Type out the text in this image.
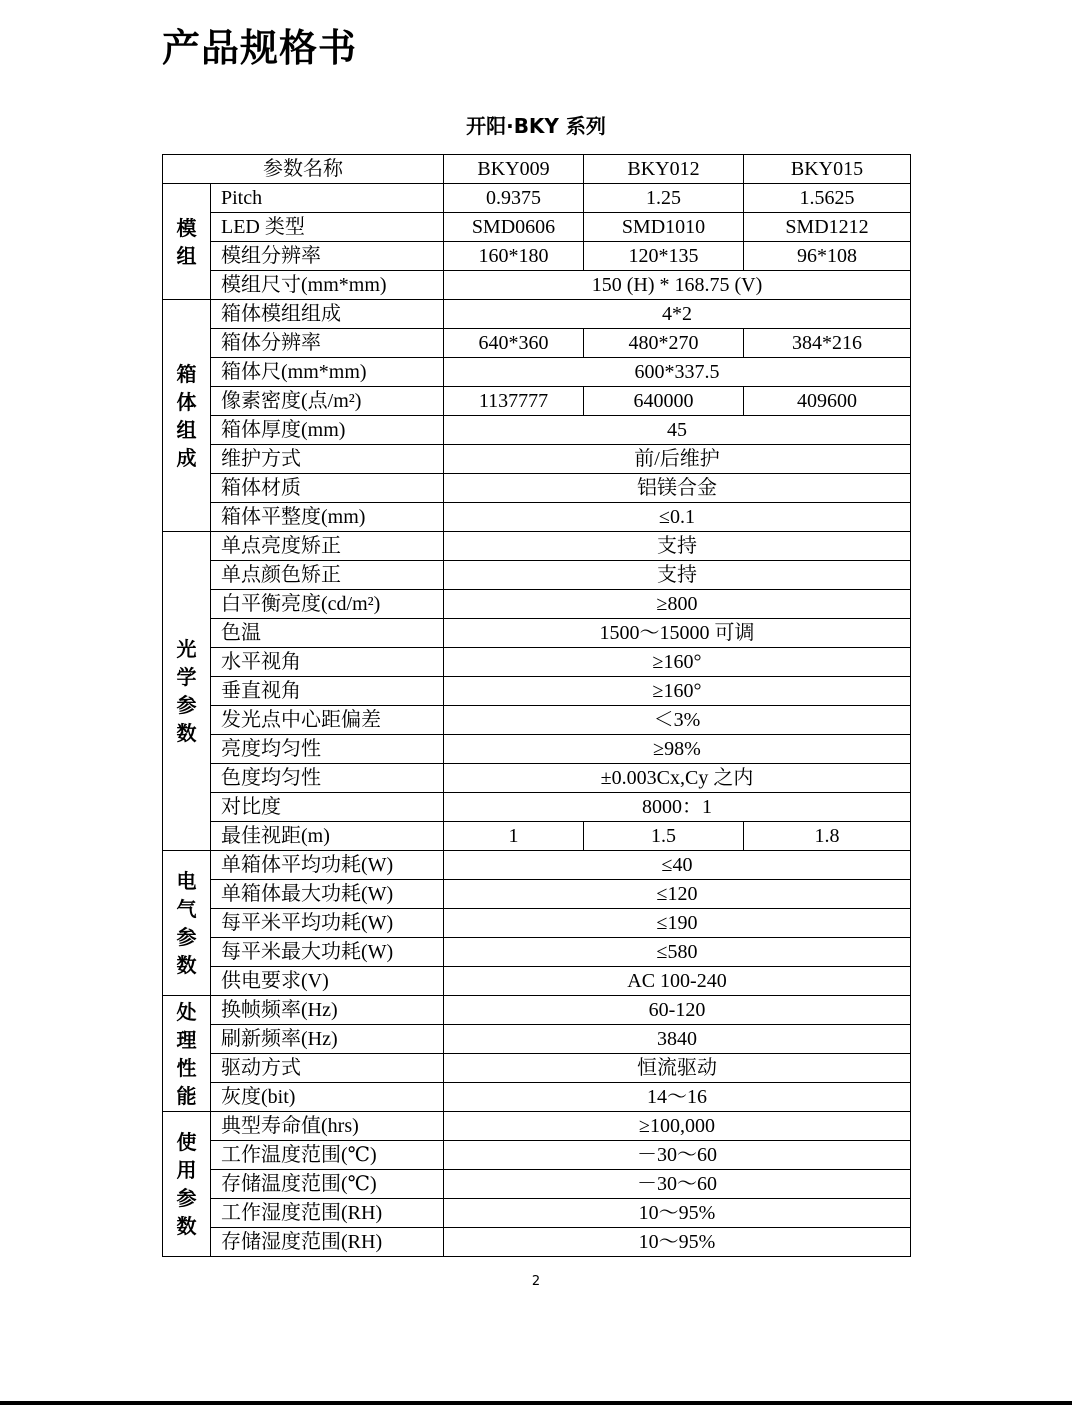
产品规格书
开阳·BKY 系列
参数名称		BKY009	BKY012	BKY015
模组	Pitch	0.9375	1.25	1.5625
	LED 类型	SMD0606	SMD1010	SMD1212
	模组分辨率	160*180	120*135	96*108
	模组尺寸(mm*mm)	150 (H) * 168.75 (V)		
箱体组成	箱体模组组成	4*2		
	箱体分辨率	640*360	480*270	384*216
	箱体尺(mm*mm)	600*337.5		
	像素密度(点/m²)	1137777	640000	409600
	箱体厚度(mm)	45		
	维护方式	前/后维护		
	箱体材质	铝镁合金		
	箱体平整度(mm)	≤0.1		
光学参数	单点亮度矫正	支持		
	单点颜色矫正	支持		
	白平衡亮度(cd/m²)	≥800		
	色温	1500～15000 可调		
	水平视角	≥160°		
	垂直视角	≥160°		
	发光点中心距偏差	＜3%		
	亮度均匀性	≥98%		
	色度均匀性	±0.003Cx,Cy 之内		
	对比度	8000：1		
	最佳视距(m)	1	1.5	1.8
电气参数	单箱体平均功耗(W)	≤40		
	单箱体最大功耗(W)	≤120		
	每平米平均功耗(W)	≤190		
	每平米最大功耗(W)	≤580		
	供电要求(V)	AC 100-240		
处理性能	换帧频率(Hz)	60-120		
	刷新频率(Hz)	3840		
	驱动方式	恒流驱动		
	灰度(bit)	14～16		
使用参数	典型寿命值(hrs)	≥100,000		
	工作温度范围(℃)	－30～60		
	存储温度范围(℃)	－30～60		
	工作湿度范围(RH)	10～95%		
	存储湿度范围(RH)	10～95%		
2
